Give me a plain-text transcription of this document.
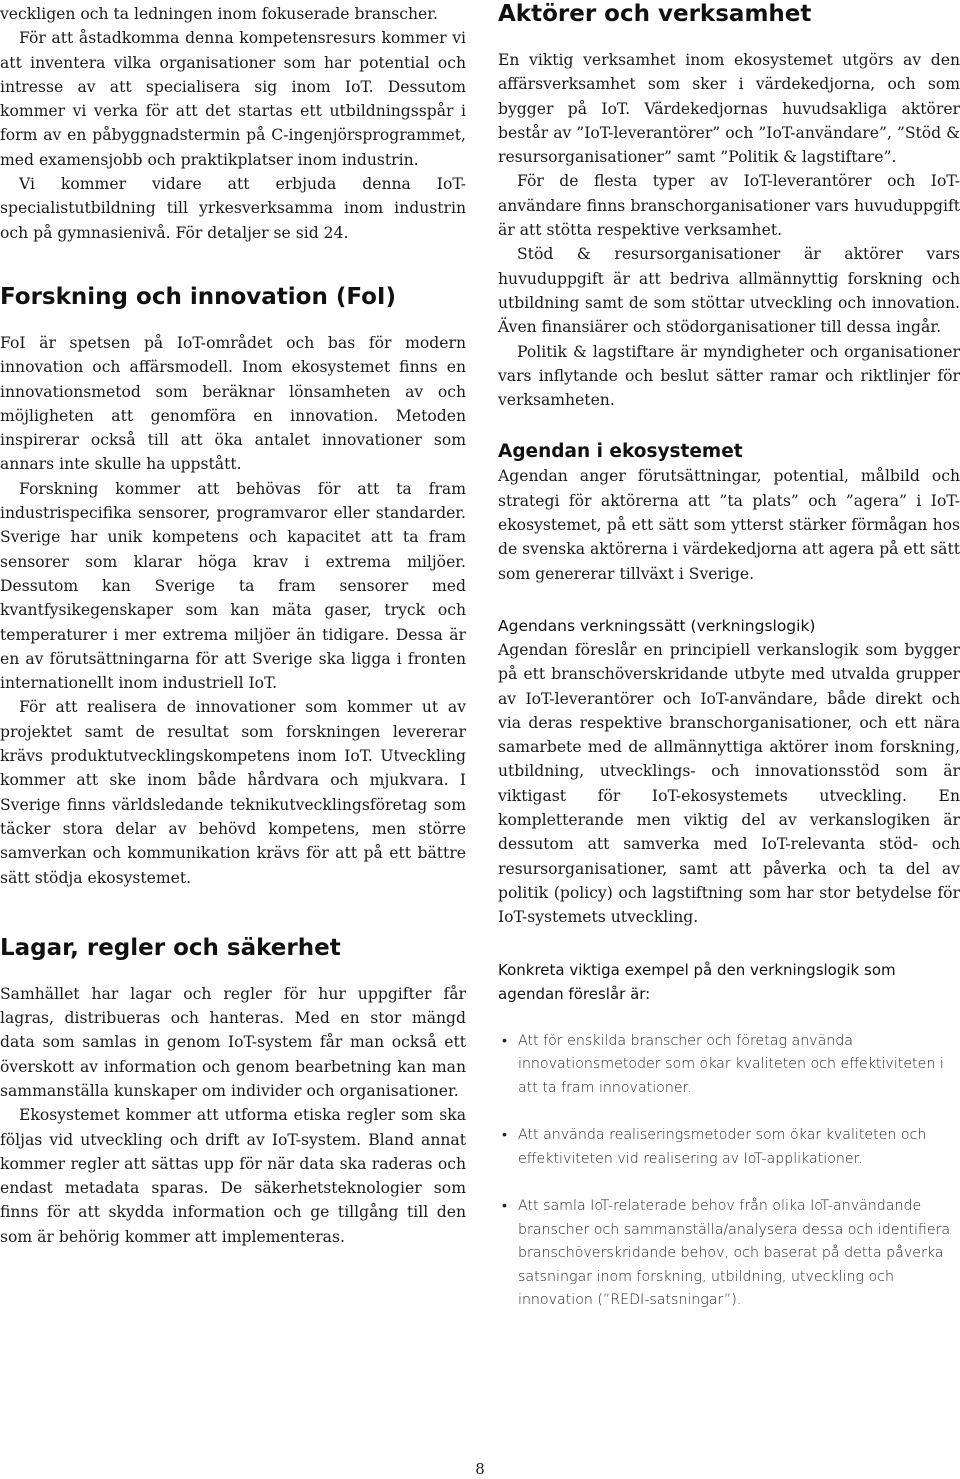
veckligen och ta ledningen inom fokuserade branscher.

För att åstadkomma denna kompetensresurs kommer vi att inventera vilka organisationer som har potential och intresse av att specialisera sig inom IoT. Dessutom kommer vi verka för att det startas ett utbildningsspår i form av en påbyggnadstermin på C-ingenjörsprogrammet, med examensjobb och praktikplatser inom industrin.

Vi kommer vidare att erbjuda denna IoT-specialistutbildning till yrkesverksamma inom industrin och på gymnasienivå. För detaljer se sid 24.

Forskning och innovation (FoI)

FoI är spetsen på IoT-området och bas för modern innovation och affärsmodell. Inom ekosystemet finns en innovationsmetod som beräknar lönsamheten av och möjligheten att genomföra en innovation. Metoden inspirerar också till att öka antalet innovationer som annars inte skulle ha uppstått.

Forskning kommer att behövas för att ta fram industrispecifika sensorer, programvaror eller standarder. Sverige har unik kompetens och kapacitet att ta fram sensorer som klarar höga krav i extrema miljöer. Dessutom kan Sverige ta fram sensorer med kvantfysikegenskaper som kan mäta gaser, tryck och temperaturer i mer extrema miljöer än tidigare. Dessa är en av förutsättningarna för att Sverige ska ligga i fronten internationellt inom industriell IoT.

För att realisera de innovationer som kommer ut av projektet samt de resultat som forskningen levererar krävs produktutvecklingskompetens inom IoT. Utveckling kommer att ske inom både hårdvara och mjukvara. I Sverige finns världsledande teknikutvecklingsföretag som täcker stora delar av behövd kompetens, men större samverkan och kommunikation krävs för att på ett bättre sätt stödja ekosystemet.

Lagar, regler och säkerhet

Samhället har lagar och regler för hur uppgifter får lagras, distribueras och hanteras. Med en stor mängd data som samlas in genom IoT-system får man också ett överskott av information och genom bearbetning kan man sammanställa kunskaper om individer och organisationer.

Ekosystemet kommer att utforma etiska regler som ska följas vid utveckling och drift av IoT-system. Bland annat kommer regler att sättas upp för när data ska raderas och endast metadata sparas. De säkerhetsteknologier som finns för att skydda information och ge tillgång till den som är behörig kommer att implementeras.

Aktörer och verksamhet

En viktig verksamhet inom ekosystemet utgörs av den affärsverksamhet som sker i värdekedjorna, och som bygger på IoT. Värdekedjornas huvudsakliga aktörer består av ”IoT-leverantörer” och ”IoT-användare”, ”Stöd & resursorganisationer” samt ”Politik & lagstiftare”.

För de flesta typer av IoT-leverantörer och IoT-användare finns branschorganisationer vars huvuduppgift är att stötta respektive verksamhet.

Stöd & resursorganisationer är aktörer vars huvuduppgift är att bedriva allmännyttig forskning och utbildning samt de som stöttar utveckling och innovation. Även finansiärer och stödorganisationer till dessa ingår.

Politik & lagstiftare är myndigheter och organisationer vars inflytande och beslut sätter ramar och riktlinjer för verksamheten.

Agendan i ekosystemet

Agendan anger förutsättningar, potential, målbild och strategi för aktörerna att ”ta plats” och ”agera” i IoT-ekosystemet, på ett sätt som ytterst stärker förmågan hos de svenska aktörerna i värdekedjorna att agera på ett sätt som genererar tillväxt i Sverige.

Agendans verkningssätt (verkningslogik)

Agendan föreslår en principiell verkanslogik som bygger på ett branschöverskridande utbyte med utvalda grupper av IoT-leverantörer och IoT-användare, både direkt och via deras respektive branschorganisationer, och ett nära samarbete med de allmännyttiga aktörer inom forskning, utbildning, utvecklings- och innovationsstöd som är viktigast för IoT-ekosystemets utveckling. En kompletterande men viktig del av verkanslogiken är dessutom att samverka med IoT-relevanta stöd- och resursorganisationer, samt att påverka och ta del av politik (policy) och lagstiftning som har stor betydelse för IoT-systemets utveckling.

Konkreta viktiga exempel på den verkningslogik som agendan föreslår är:

• Att för enskilda branscher och företag använda innovationsmetoder som ökar kvaliteten och effektiviteten i att ta fram innovationer.
• Att använda realiseringsmetoder som ökar kvaliteten och effektiviteten vid realisering av IoT-applikationer.
• Att samla IoT-relaterade behov från olika IoT-användande branscher och sammanställa/analysera dessa och identifiera branschöverskridande behov, och baserat på detta påverka satsningar inom forskning, utbildning, utveckling och innovation (”REDI-satsningar”).
8
